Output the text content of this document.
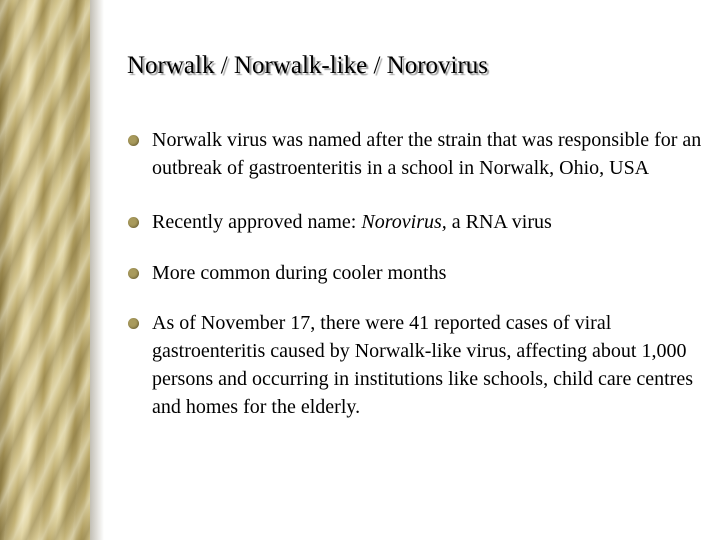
Norwalk / Norwalk-like / Norovirus
Norwalk virus was named after the strain that was responsible for an outbreak of gastroenteritis in a school in Norwalk, Ohio, USA
Recently approved name: Norovirus, a RNA virus
More common during cooler months
As of November 17, there were 41 reported cases of viral gastroenteritis caused by Norwalk-like virus, affecting about 1,000 persons and occurring in institutions like schools, child care centres and homes for the elderly.
